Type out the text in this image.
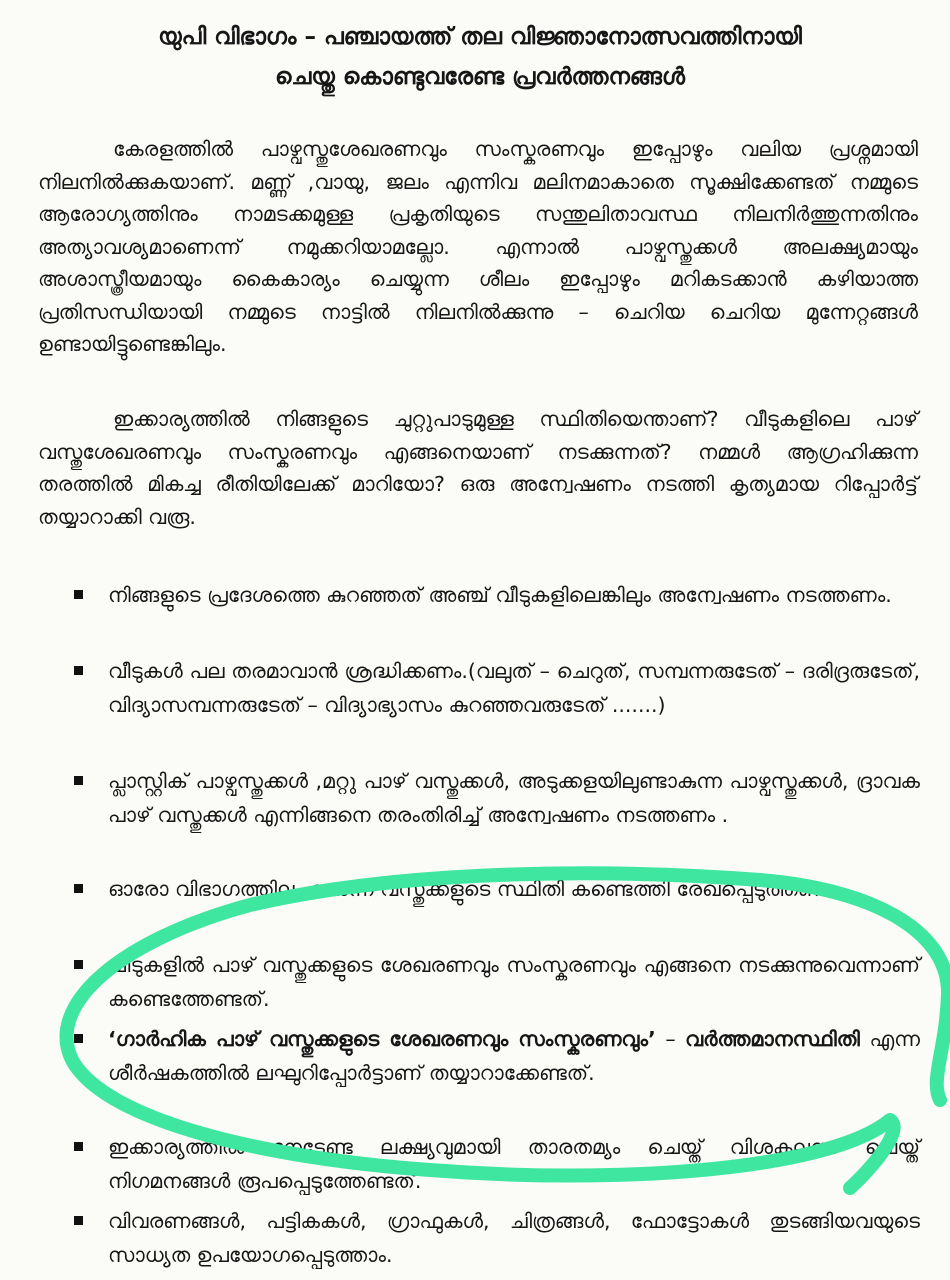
യുപി വിഭാഗം – പഞ്ചായത്ത് തല വിജ്ഞാനോത്സവത്തിനായി
ചെയ്തു കൊണ്ടുവരേണ്ട പ്രവർത്തനങ്ങൾ

കേരളത്തിൽ പാഴ്വസ്തുശേഖരണവും സംസ്കരണവും ഇപ്പോഴും വലിയ പ്രശ്നമായി നിലനിൽക്കുകയാണ്. മണ്ണ് ,വായു, ജലം എന്നിവ മലിനമാകാതെ സൂക്ഷിക്കേണ്ടത് നമ്മുടെ ആരോഗ്യത്തിനും നാമടക്കമുള്ള പ്രകൃതിയുടെ സന്തുലിതാവസ്ഥ നിലനിർത്തുന്നതിനും അത്യാവശ്യമാണെന്ന് നമുക്കറിയാമല്ലോ. എന്നാൽ പാഴ്വസ്തുക്കൾ അലക്ഷ്യമായും അശാസ്ത്രീയമായും കൈകാര്യം ചെയ്യുന്ന ശീലം ഇപ്പോഴും മറികടക്കാൻ കഴിയാത്ത പ്രതിസന്ധിയായി നമ്മുടെ നാട്ടിൽ നിലനിൽക്കുന്നു – ചെറിയ ചെറിയ മുന്നേറ്റങ്ങൾ ഉണ്ടായിട്ടുണ്ടെങ്കിലും.

ഇക്കാര്യത്തിൽ നിങ്ങളുടെ ചുറ്റുപാടുമുള്ള സ്ഥിതിയെന്താണ്? വീടുകളിലെ പാഴ് വസ്തുശേഖരണവും സംസ്കരണവും എങ്ങനെയാണ് നടക്കുന്നത്? നമ്മൾ ആഗ്രഹിക്കുന്ന തരത്തിൽ മികച്ച രീതിയിലേക്ക് മാറിയോ? ഒരു അന്വേഷണം നടത്തി കൃത്യമായ റിപ്പോർട്ട് തയ്യാറാക്കി വരൂ.

നിങ്ങളുടെ പ്രദേശത്തെ കുറഞ്ഞത് അഞ്ച് വീടുകളിലെങ്കിലും അന്വേഷണം നടത്തണം.
വീടുകൾ പല തരമാവാൻ ശ്രദ്ധിക്കണം.(വലുത് – ചെറുത്, സമ്പന്നരുടേത് – ദരിദ്രരുടേത്, വിദ്യാസമ്പന്നരുടേത് – വിദ്യാഭ്യാസം കുറഞ്ഞവരുടേത് .......)
പ്ലാസ്റ്റിക് പാഴ്വസ്തുക്കൾ ,മറ്റു പാഴ് വസ്തുക്കൾ, അടുക്കളയിലുണ്ടാകുന്ന പാഴ്വസ്തുക്കൾ, ദ്രാവക പാഴ് വസ്തുക്കൾ എന്നിങ്ങനെ തരംതിരിച്ച് അന്വേഷണം നടത്തണം .
ഓരോ വിഭാഗത്തിലും വരുന്ന വസ്തുക്കളുടെ സ്ഥിതി കണ്ടെത്തി രേഖപ്പെടുത്തണം.
വീടുകളിൽ പാഴ് വസ്തുക്കളുടെ ശേഖരണവും സംസ്കരണവും എങ്ങനെ നടക്കുന്നുവെന്നാണ് കണ്ടെത്തേണ്ടത്.
‘ഗാർഹിക പാഴ് വസ്തുക്കളുടെ ശേഖരണവും സംസ്കരണവും’ – വർത്തമാനസ്ഥിതി എന്ന ശീർഷകത്തിൽ ലഘുറിപ്പോർട്ടാണ് തയ്യാറാക്കേണ്ടത്.
ഇക്കാര്യത്തിൽ നേടേണ്ട ലക്ഷ്യവുമായി താരതമ്യം ചെയ്ത് വിശകലനം ചെയ്ത് നിഗമനങ്ങൾ രൂപപ്പെടുത്തേണ്ടത്.
വിവരണങ്ങൾ, പട്ടികകൾ, ഗ്രാഫുകൾ, ചിത്രങ്ങൾ, ഫോട്ടോകൾ തുടങ്ങിയവയുടെ സാധ്യത ഉപയോഗപ്പെടുത്താം.
